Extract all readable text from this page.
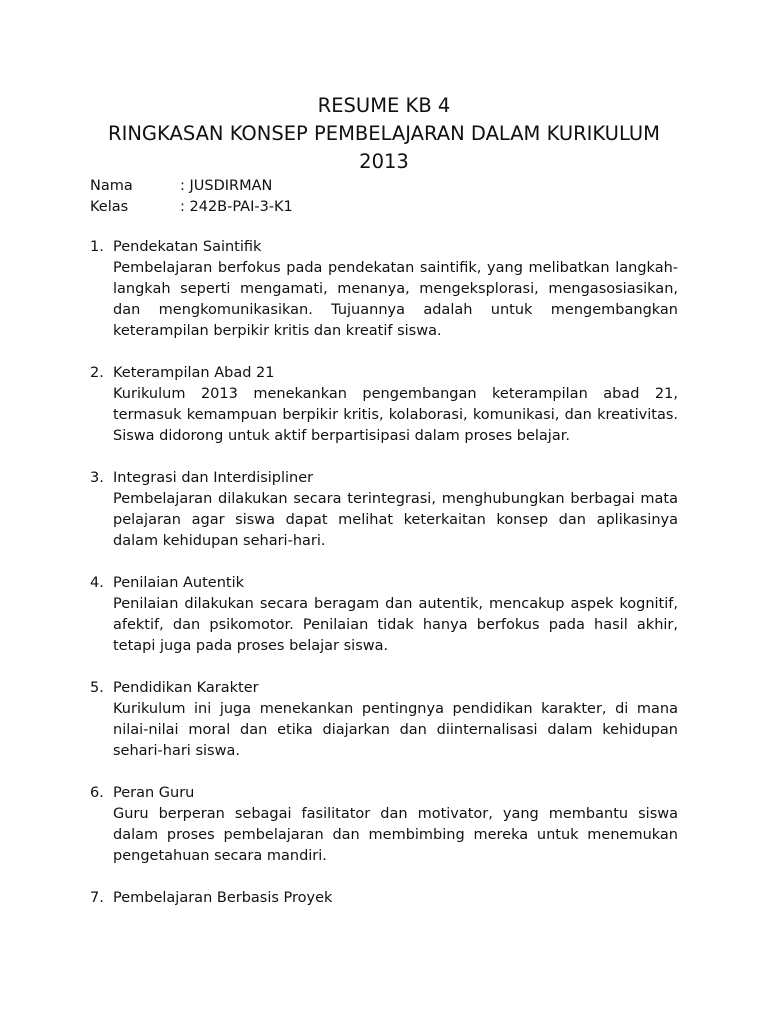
RESUME KB 4
RINGKASAN KONSEP PEMBELAJARAN DALAM KURIKULUM
2013
Nama	: JUSDIRMAN
Kelas	: 242B-PAI-3-K1
1. Pendekatan Saintifik
Pembelajaran berfokus pada pendekatan saintifik, yang melibatkan langkah-langkah seperti mengamati, menanya, mengeksplorasi, mengasosiasikan, dan mengkomunikasikan. Tujuannya adalah untuk mengembangkan keterampilan berpikir kritis dan kreatif siswa.
2. Keterampilan Abad 21
Kurikulum 2013 menekankan pengembangan keterampilan abad 21, termasuk kemampuan berpikir kritis, kolaborasi, komunikasi, dan kreativitas. Siswa didorong untuk aktif berpartisipasi dalam proses belajar.
3. Integrasi dan Interdisipliner
Pembelajaran dilakukan secara terintegrasi, menghubungkan berbagai mata pelajaran agar siswa dapat melihat keterkaitan konsep dan aplikasinya dalam kehidupan sehari-hari.
4. Penilaian Autentik
Penilaian dilakukan secara beragam dan autentik, mencakup aspek kognitif, afektif, dan psikomotor. Penilaian tidak hanya berfokus pada hasil akhir, tetapi juga pada proses belajar siswa.
5. Pendidikan Karakter
Kurikulum ini juga menekankan pentingnya pendidikan karakter, di mana nilai-nilai moral dan etika diajarkan dan diinternalisasi dalam kehidupan sehari-hari siswa.
6. Peran Guru
Guru berperan sebagai fasilitator dan motivator, yang membantu siswa dalam proses pembelajaran dan membimbing mereka untuk menemukan pengetahuan secara mandiri.
7. Pembelajaran Berbasis Proyek
